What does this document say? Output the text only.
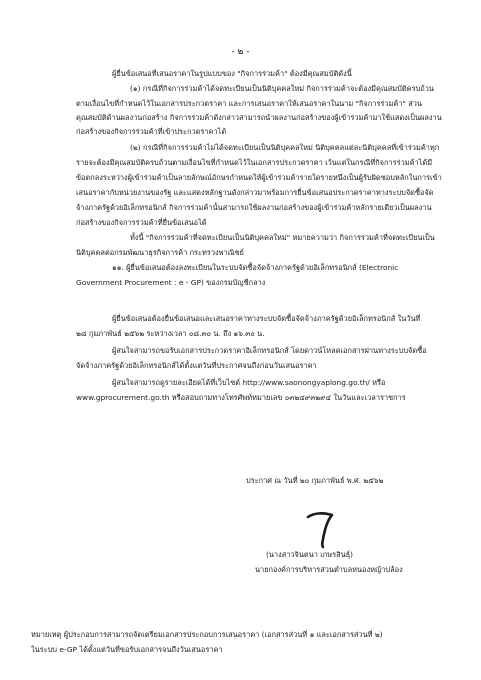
- ๒ -
ผู้ยื่นข้อเสนอที่เสนอราคาในรูปแบบของ "กิจการร่วมค้า" ต้องมีคุณสมบัติดังนี้
(๑) กรณีที่กิจการร่วมค้าได้จดทะเบียนเป็นนิติบุคคลใหม่ กิจการร่วมค้าจะต้องมีคุณสมบัติครบถ้วน
ตามเงื่อนไขที่กำหนดไว้ในเอกสารประกวดราคา และการเสนอราคาให้เสนอราคาในนาม "กิจการร่วมค้า" ส่วน
คุณสมบัติด้านผลงานก่อสร้าง กิจการร่วมค้าดังกล่าวสามารถนำผลงานก่อสร้างของผู้เข้าร่วมค้ามาใช้แสดงเป็นผลงาน
ก่อสร้างของกิจการร่วมค้าที่เข้าประกวดราคาได้
(๒) กรณีที่กิจการร่วมค้าไม่ได้จดทะเบียนเป็นนิติบุคคลใหม่ นิติบุคคลแต่ละนิติบุคคลที่เข้าร่วมค้าทุก
รายจะต้องมีคุณสมบัติครบถ้วนตามเงื่อนไขที่กำหนดไว้ในเอกสารประกวดราคา เว้นแต่ในกรณีที่กิจการร่วมค้าได้มี
ข้อตกลงระหว่างผู้เข้าร่วมค้าเป็นลายลักษณ์อักษรกำหนดให้ผู้เข้าร่วมค้ารายใดรายหนึ่งเป็นผู้รับผิดชอบหลักในการเข้า
เสนอราคากับหน่วยงานของรัฐ และแสดงหลักฐานดังกล่าวมาพร้อมการยื่นข้อเสนอประกวดราคาทางระบบจัดซื้อจัด
จ้างภาครัฐด้วยอิเล็กทรอนิกส์ กิจการร่วมค้านั้นสามารถใช้ผลงานก่อสร้างของผู้เข้าร่วมค้าหลักรายเดียวเป็นผลงาน
ก่อสร้างของกิจการร่วมค้าที่ยื่นข้อเสนอได้
ทั้งนี้ "กิจการร่วมค้าที่จดทะเบียนเป็นนิติบุคคลใหม่" หมายความว่า กิจการร่วมค้าที่จดทะเบียนเป็น
นิติบุคคลต่อกรมพัฒนาธุรกิจการค้า กระทรวงพาณิชย์
๑๑. ผู้ยื่นข้อเสนอต้องลงทะเบียนในระบบจัดซื้อจัดจ้างภาครัฐด้วยอิเล็กทรอนิกส์ (Electronic
Government Procurement : e - GP) ของกรมบัญชีกลาง
ผู้ยื่นข้อเสนอต้องยื่นข้อเสนอและเสนอราคาทางระบบจัดซื้อจัดจ้างภาครัฐด้วยอิเล็กทรอนิกส์ ในวันที่
๒๘ กุมภาพันธ์ ๒๕๖๒ ระหว่างเวลา ๐๘.๓๐ น. ถึง ๑๖.๓๐ น.
ผู้สนใจสามารถขอรับเอกสารประกวดราคาอิเล็กทรอนิกส์ โดยดาวน์โหลดเอกสารผ่านทางระบบจัดซื้อ
จัดจ้างภาครัฐด้วยอิเล็กทรอนิกส์ได้ตั้งแต่วันที่ประกาศจนถึงก่อนวันเสนอราคา
ผู้สนใจสามารถดูรายละเอียดได้ที่เว็บไซต์ http://www.saonongyaplong.go.th/ หรือ
www.gprocurement.go.th หรือสอบถามทางโทรศัพท์หมายเลข ๐๓๒๔๙๓๒๙๔ ในวันและเวลาราชการ
ประกาศ ณ วันที่ ๒๐ กุมภาพันธ์ พ.ศ. ๒๕๖๒
(นางสาวจินตนา เกษรสินธุ์)
นายกองค์การบริหารส่วนตำบลหนองหญ้าปล้อง
หมายเหตุ ผู้ประกอบการสามารถจัดเตรียมเอกสารประกอบการเสนอราคา (เอกสารส่วนที่ ๑ และเอกสารส่วนที่ ๒)
ในระบบ e-GP ได้ตั้งแต่วันที่ขอรับเอกสารจนถึงวันเสนอราคา
